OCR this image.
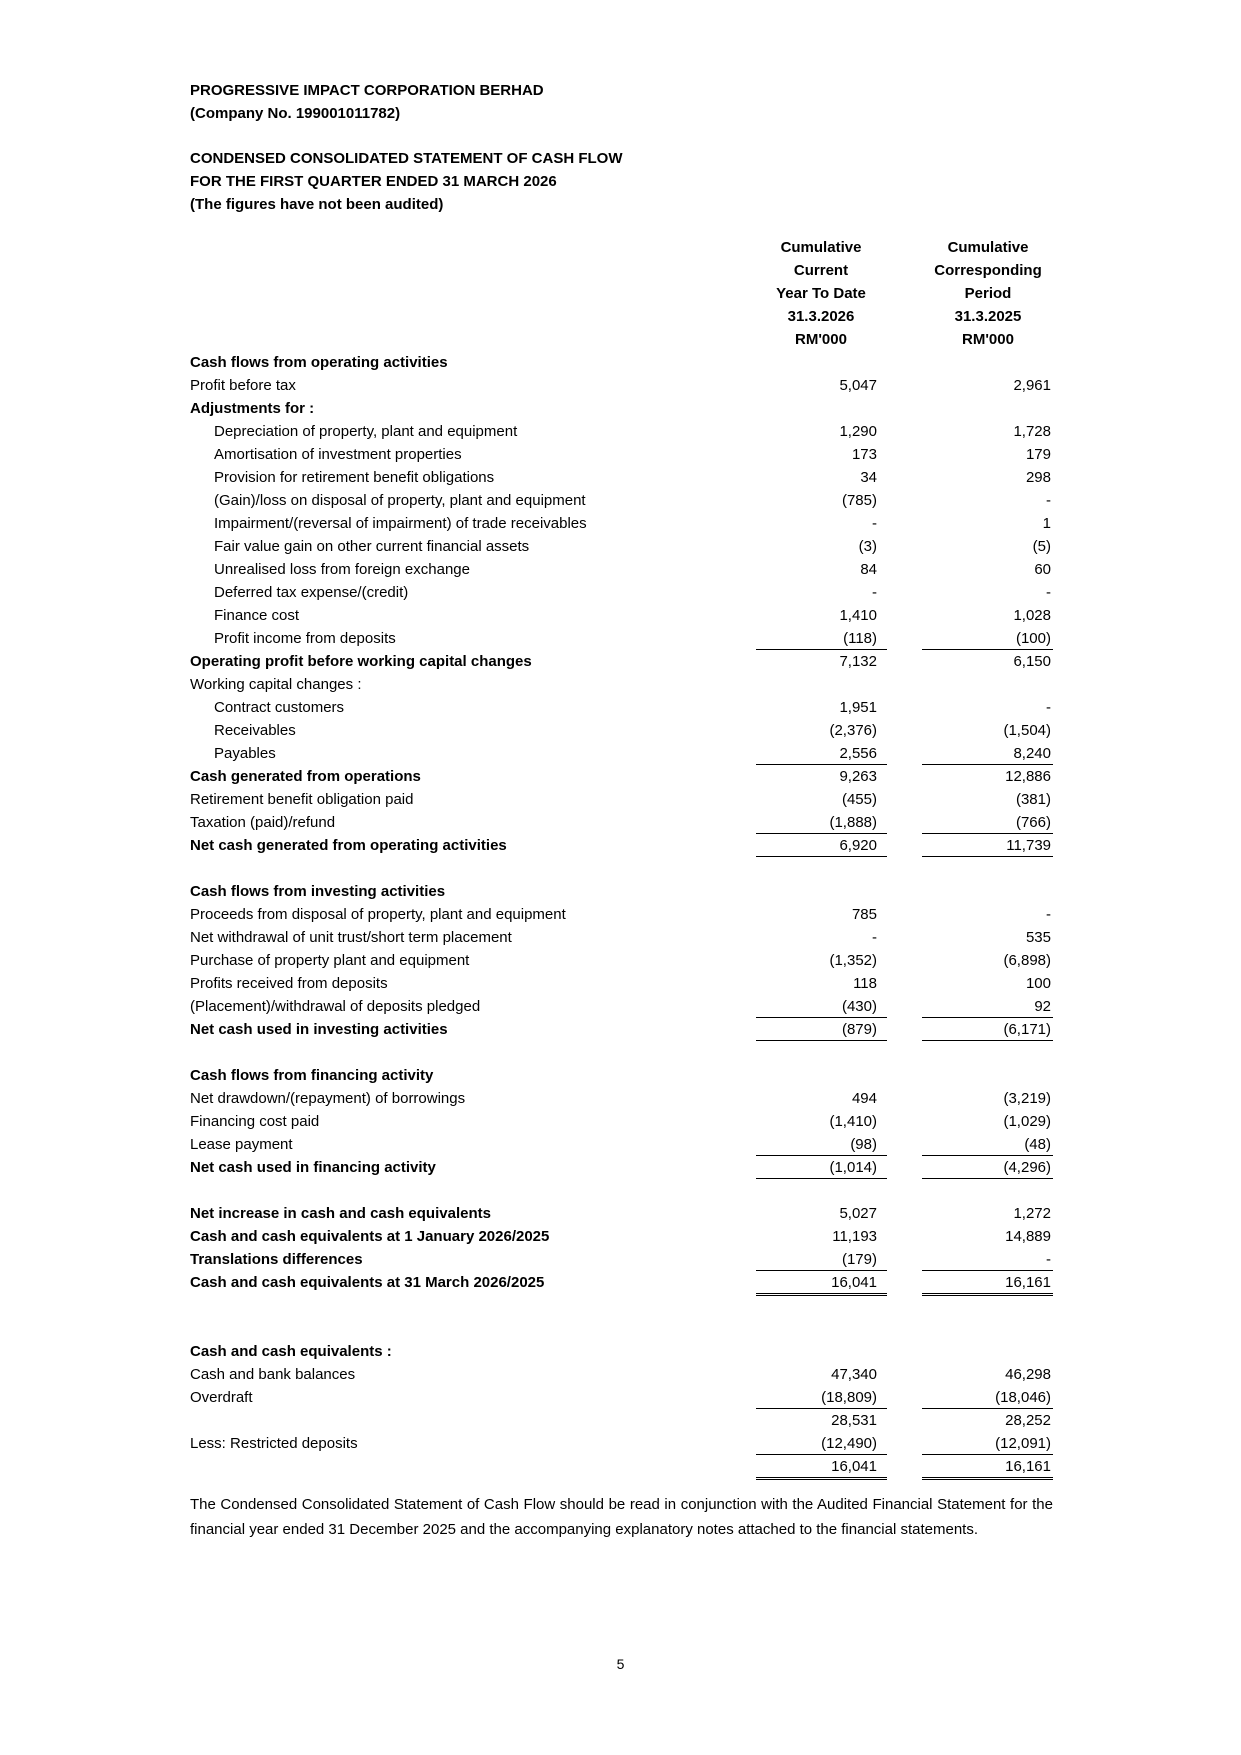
PROGRESSIVE IMPACT CORPORATION BERHAD
(Company No. 199001011782)
CONDENSED CONSOLIDATED STATEMENT OF CASH FLOW
FOR THE FIRST QUARTER ENDED 31 MARCH 2026
(The figures have not been audited)
Cumulative
Current
Year To Date
31.3.2026
RM'000
Cumulative
Corresponding
Period
31.3.2025
RM'000
Cash flows from operating activities
Profit before tax	5,047	2,961
Adjustments for :
Depreciation of property, plant and equipment	1,290	1,728
Amortisation of investment properties	173	179
Provision for retirement benefit obligations	34	298
(Gain)/loss on disposal of property, plant and equipment	(785)	-
Impairment/(reversal of impairment) of trade receivables	-	1
Fair value gain on other current financial assets	(3)	(5)
Unrealised loss from foreign exchange	84	60
Deferred tax expense/(credit)	-	-
Finance cost	1,410	1,028
Profit income from deposits	(118)	(100)
Operating profit before working capital changes	7,132	6,150
Working capital changes :
Contract customers	1,951	-
Receivables	(2,376)	(1,504)
Payables	2,556	8,240
Cash generated from operations	9,263	12,886
Retirement benefit obligation paid	(455)	(381)
Taxation (paid)/refund	(1,888)	(766)
Net cash generated from operating activities	6,920	11,739
Cash flows from investing activities
Proceeds from disposal of property, plant and equipment	785	-
Net withdrawal of unit trust/short term placement	-	535
Purchase of property plant and equipment	(1,352)	(6,898)
Profits received from deposits	118	100
(Placement)/withdrawal of deposits pledged	(430)	92
Net cash used in investing activities	(879)	(6,171)
Cash flows from financing activity
Net drawdown/(repayment) of borrowings	494	(3,219)
Financing cost paid	(1,410)	(1,029)
Lease payment	(98)	(48)
Net cash used in financing activity	(1,014)	(4,296)
Net increase in cash and cash equivalents	5,027	1,272
Cash and cash equivalents at 1 January 2026/2025	11,193	14,889
Translations differences	(179)	-
Cash and cash equivalents at 31 March 2026/2025	16,041	16,161
Cash and cash equivalents :
Cash and bank balances	47,340	46,298
Overdraft	(18,809)	(18,046)
28,531	28,252
Less: Restricted deposits	(12,490)	(12,091)
16,041	16,161
The Condensed Consolidated Statement of Cash Flow should be read in conjunction with the Audited Financial Statement for the financial year ended 31 December 2025 and the accompanying explanatory notes attached to the financial statements.
5
